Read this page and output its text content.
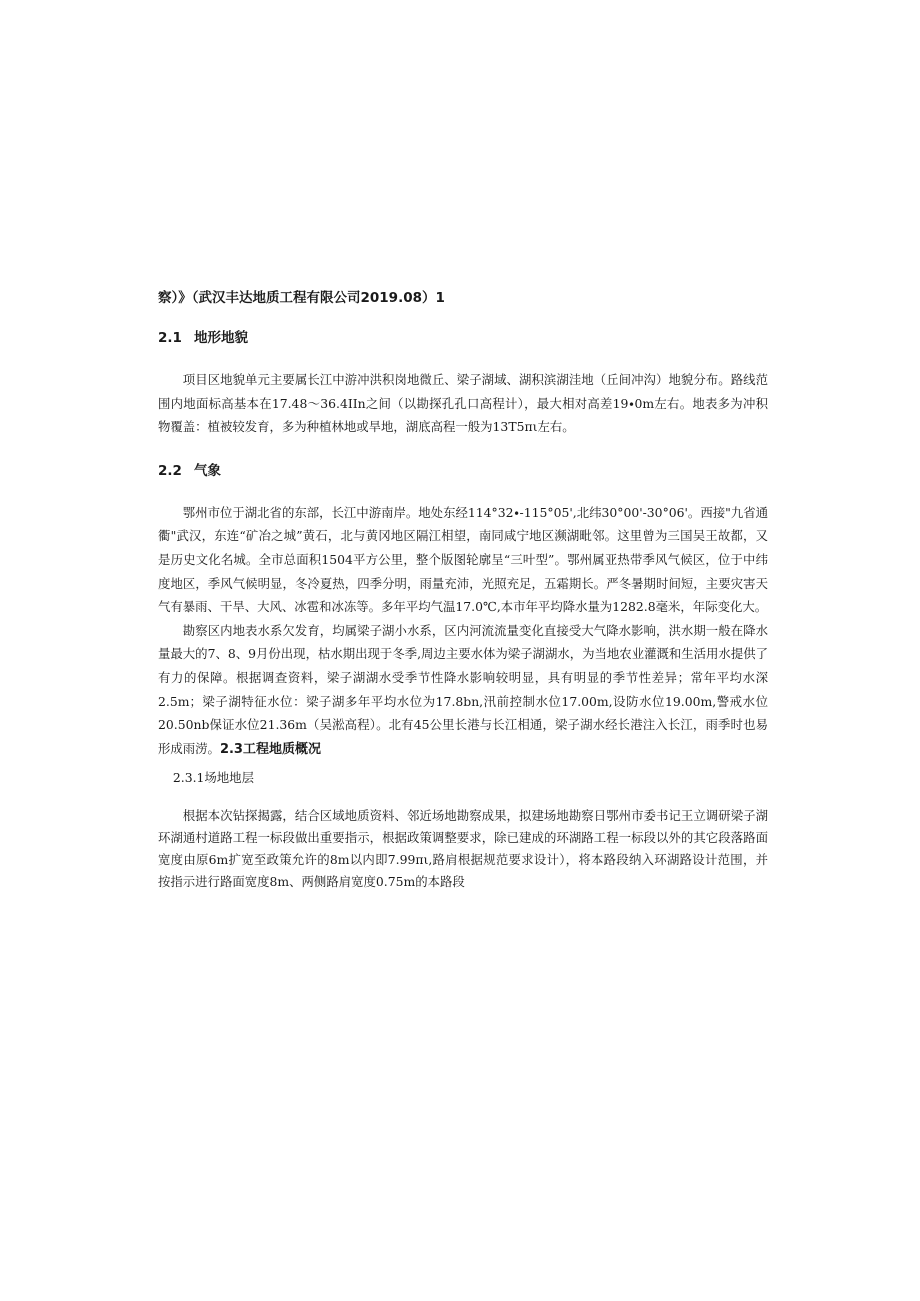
察）》（武汉丰达地质工程有限公司2019.08）1
2.1 地形地貌

项目区地貌单元主要属长江中游冲洪积岗地微丘、梁子湖域、湖积滨湖洼地（丘间冲沟）地貌分布。路线范围内地面标高基本在17.48～36.4IIn之间（以勘探孔孔口高程计），最大相对高差19∙0m左右。地表多为冲积物覆盖：植被较发育，多为种植林地或旱地，湖底高程一般为13T5πι左右。

2.2 气象

鄂州市位于湖北省的东部，长江中游南岸。地处东经114°32∙-115°05',北纬30°00'-30°06'。西接"九省通衢"武汉，东连“矿冶之城”黄石，北与黄冈地区隔江相望，南同咸宁地区濒湖毗邻。这里曾为三国吴王故都，又是历史文化名城。全市总面积1504平方公里，整个版图轮廓呈“三叶型”。鄂州属亚热带季风气候区，位于中纬度地区，季风气候明显，冬冷夏热，四季分明，雨量充沛，光照充足，五霜期长。严冬暑期时间短，主要灾害天气有暴雨、干旱、大风、冰雹和冰冻等。多年平均气温17.0℃,本市年平均降水量为1282.8毫米，年际变化大。

勘察区内地表水系欠发育，均属梁子湖小水系，区内河流流量变化直接受大气降水影响，洪水期一般在降水量最大的7、8、9月份出现，枯水期出现于冬季,周边主要水体为梁子湖湖水，为当地农业灌溉和生活用水提供了有力的保障。根据调查资料，梁子湖湖水受季节性降水影响较明显，具有明显的季节性差异；常年平均水深2.5m；梁子湖特征水位：梁子湖多年平均水位为17.8bn,汛前控制水位17.00m,设防水位19.00m,警戒水位20.50nb保证水位21.36m（吴淞高程）。北有45公里长港与长江相通，梁子湖水经长港注入长江，雨季时也易形成雨涝。2.3工程地质概况

2.3.1场地地层

根据本次钻探揭露，结合区域地质资料、邻近场地勘察成果，拟建场地勘察日鄂州市委书记王立调研梁子湖环湖通村道路工程一标段做出重要指示，根据政策调整要求，除已建成的环湖路工程一标段以外的其它段落路面宽度由原6m扩宽至政策允许的8m以内即7.99πι,路肩根据规范要求设计），将本路段纳入环湖路设计范围，并按指示进行路面宽度8m、两侧路肩宽度0.75m的本路段
